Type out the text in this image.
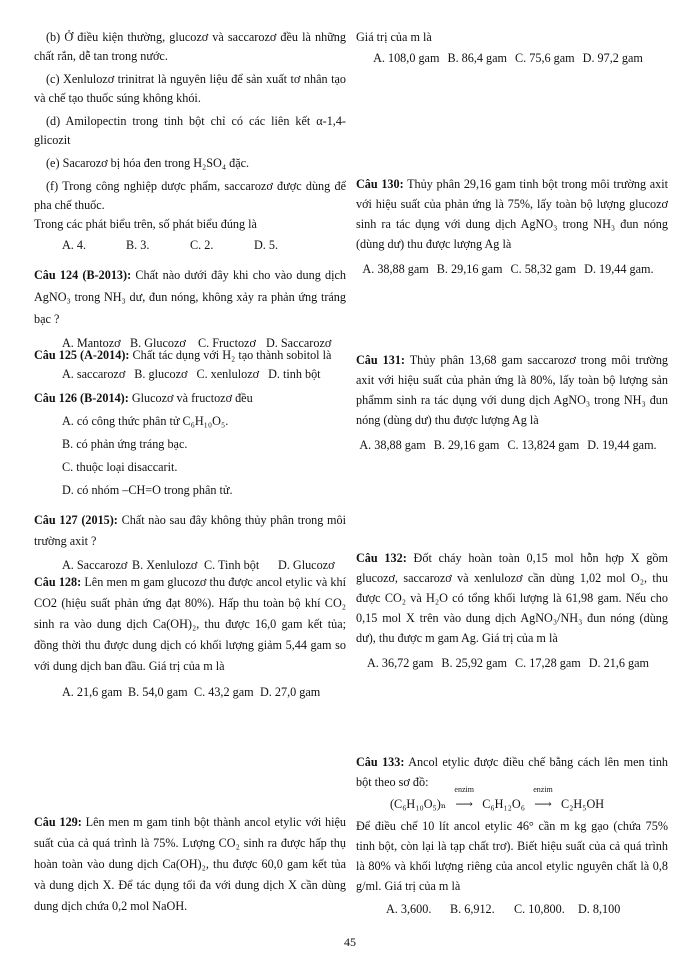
(b) Ở điều kiện thường, glucozơ và saccarozơ đều là những chất rắn, dễ tan trong nước.

(c) Xenlulozơ trinitrat là nguyên liệu để sản xuất tơ nhân tạo và chế tạo thuốc súng không khói.

(d) Amilopectin trong tinh bột chỉ có các liên kết α-1,4-glicozit

(e) Sacarozơ bị hóa đen trong H₂SO₄ đặc.

(f) Trong công nghiệp dược phẩm, saccarozơ được dùng để pha chế thuốc.

Trong các phát biểu trên, số phát biểu đúng là

A. 4.	B. 3.	C. 2.	D. 5.

Câu 124 (B-2013): Chất nào dưới đây khi cho vào dung dịch AgNO₃ trong NH₃ dư, đun nóng, không xảy ra phản ứng tráng bạc ?

A. Mantozơ B. Glucozơ C. Fructozơ D. Saccarozơ

Câu 125 (A-2014): Chất tác dụng với H₂ tạo thành sobitol là

A. saccarozơ B. glucozơ C. xenlulozơ D. tinh bột

Câu 126 (B-2014): Glucozơ và fructozơ đều

A. có công thức phân tử C₆H₁₀O₅.

B. có phản ứng tráng bạc.

C. thuộc loại disaccarit.

D. có nhóm –CH=O trong phân tử.

Câu 127 (2015): Chất nào sau đây không thủy phân trong môi trường axit ?

A. Saccarozơ B. Xenlulozơ C. Tinh bột	D. Glucozơ

Câu 128: Lên men m gam glucozơ thu được ancol etylic và khí CO2 (hiệu suất phản ứng đạt 80%). Hấp thu toàn bộ khí CO₂ sinh ra vào dung dịch Ca(OH)₂, thu được 16,0 gam kết tủa; đồng thời thu được dung dịch có khối lượng giảm 5,44 gam so với dung dịch ban đầu. Giá trị của m là

A. 21,6 gam B. 54,0 gam C. 43,2 gam D. 27,0 gam

Câu 129: Lên men m gam tinh bột thành ancol etylic với hiệu suất của cả quá trình là 75%. Lượng CO₂ sinh ra được hấp thụ hoàn toàn vào dung dịch Ca(OH)₂, thu được 60,0 gam kết tủa và dung dịch X. Để tác dụng tối đa với dung dịch X cần dùng dung dịch chứa 0,2 mol NaOH.

Giá trị của m là

A. 108,0 gam B. 86,4 gam C. 75,6 gam D. 97,2 gam

Câu 130: Thủy phân 29,16 gam tinh bột trong môi trường axit với hiệu suất của phản ứng là 75%, lấy toàn bộ lượng glucozơ sinh ra tác dụng với dung dịch AgNO₃ trong NH₃ đun nóng (dùng dư) thu được lượng Ag là

A. 38,88 gam B. 29,16 gam C. 58,32 gam D. 19,44 gam.

Câu 131: Thủy phân 13,68 gam saccarozơ trong môi trường axit với hiệu suất của phản ứng là 80%, lấy toàn bộ lượng sản phẩmm sinh ra tác dụng với dung dịch AgNO₃ trong NH₃ đun nóng (dùng dư) thu được lượng Ag là

A. 38,88 gam B. 29,16 gam C. 13,824 gam D. 19,44 gam.

Câu 132: Đốt cháy hoàn toàn 0,15 mol hỗn hợp X gồm glucozơ, saccarozơ và xenlulozơ cần dùng 1,02 mol O₂, thu được CO₂ và H₂O có tổng khối lượng là 61,98 gam. Nếu cho 0,15 mol X trên vào dung dịch AgNO₃/NH₃ đun nóng (dùng dư), thu được m gam Ag. Giá trị của m là

A. 36,72 gam B. 25,92 gam C. 17,28 gam D. 21,6 gam

Câu 133: Ancol etylic được điều chế bằng cách lên men tinh bột theo sơ đồ:

(C₆H₁₀O₅)ₙ
enzim
⟶ C₆H₁₂O₆
enzim
⟶ C₂H₅OH

Để điều chế 10 lít ancol etylic 46° cần m kg gạo (chứa 75% tinh bột, còn lại là tạp chất trơ). Biết hiệu suất của cả quá trình là 80% và khối lượng riêng của ancol etylic nguyên chất là 0,8 g/ml. Giá trị của m là

A. 3,600.	B. 6,912.	C. 10,800.	D. 8,100
45
